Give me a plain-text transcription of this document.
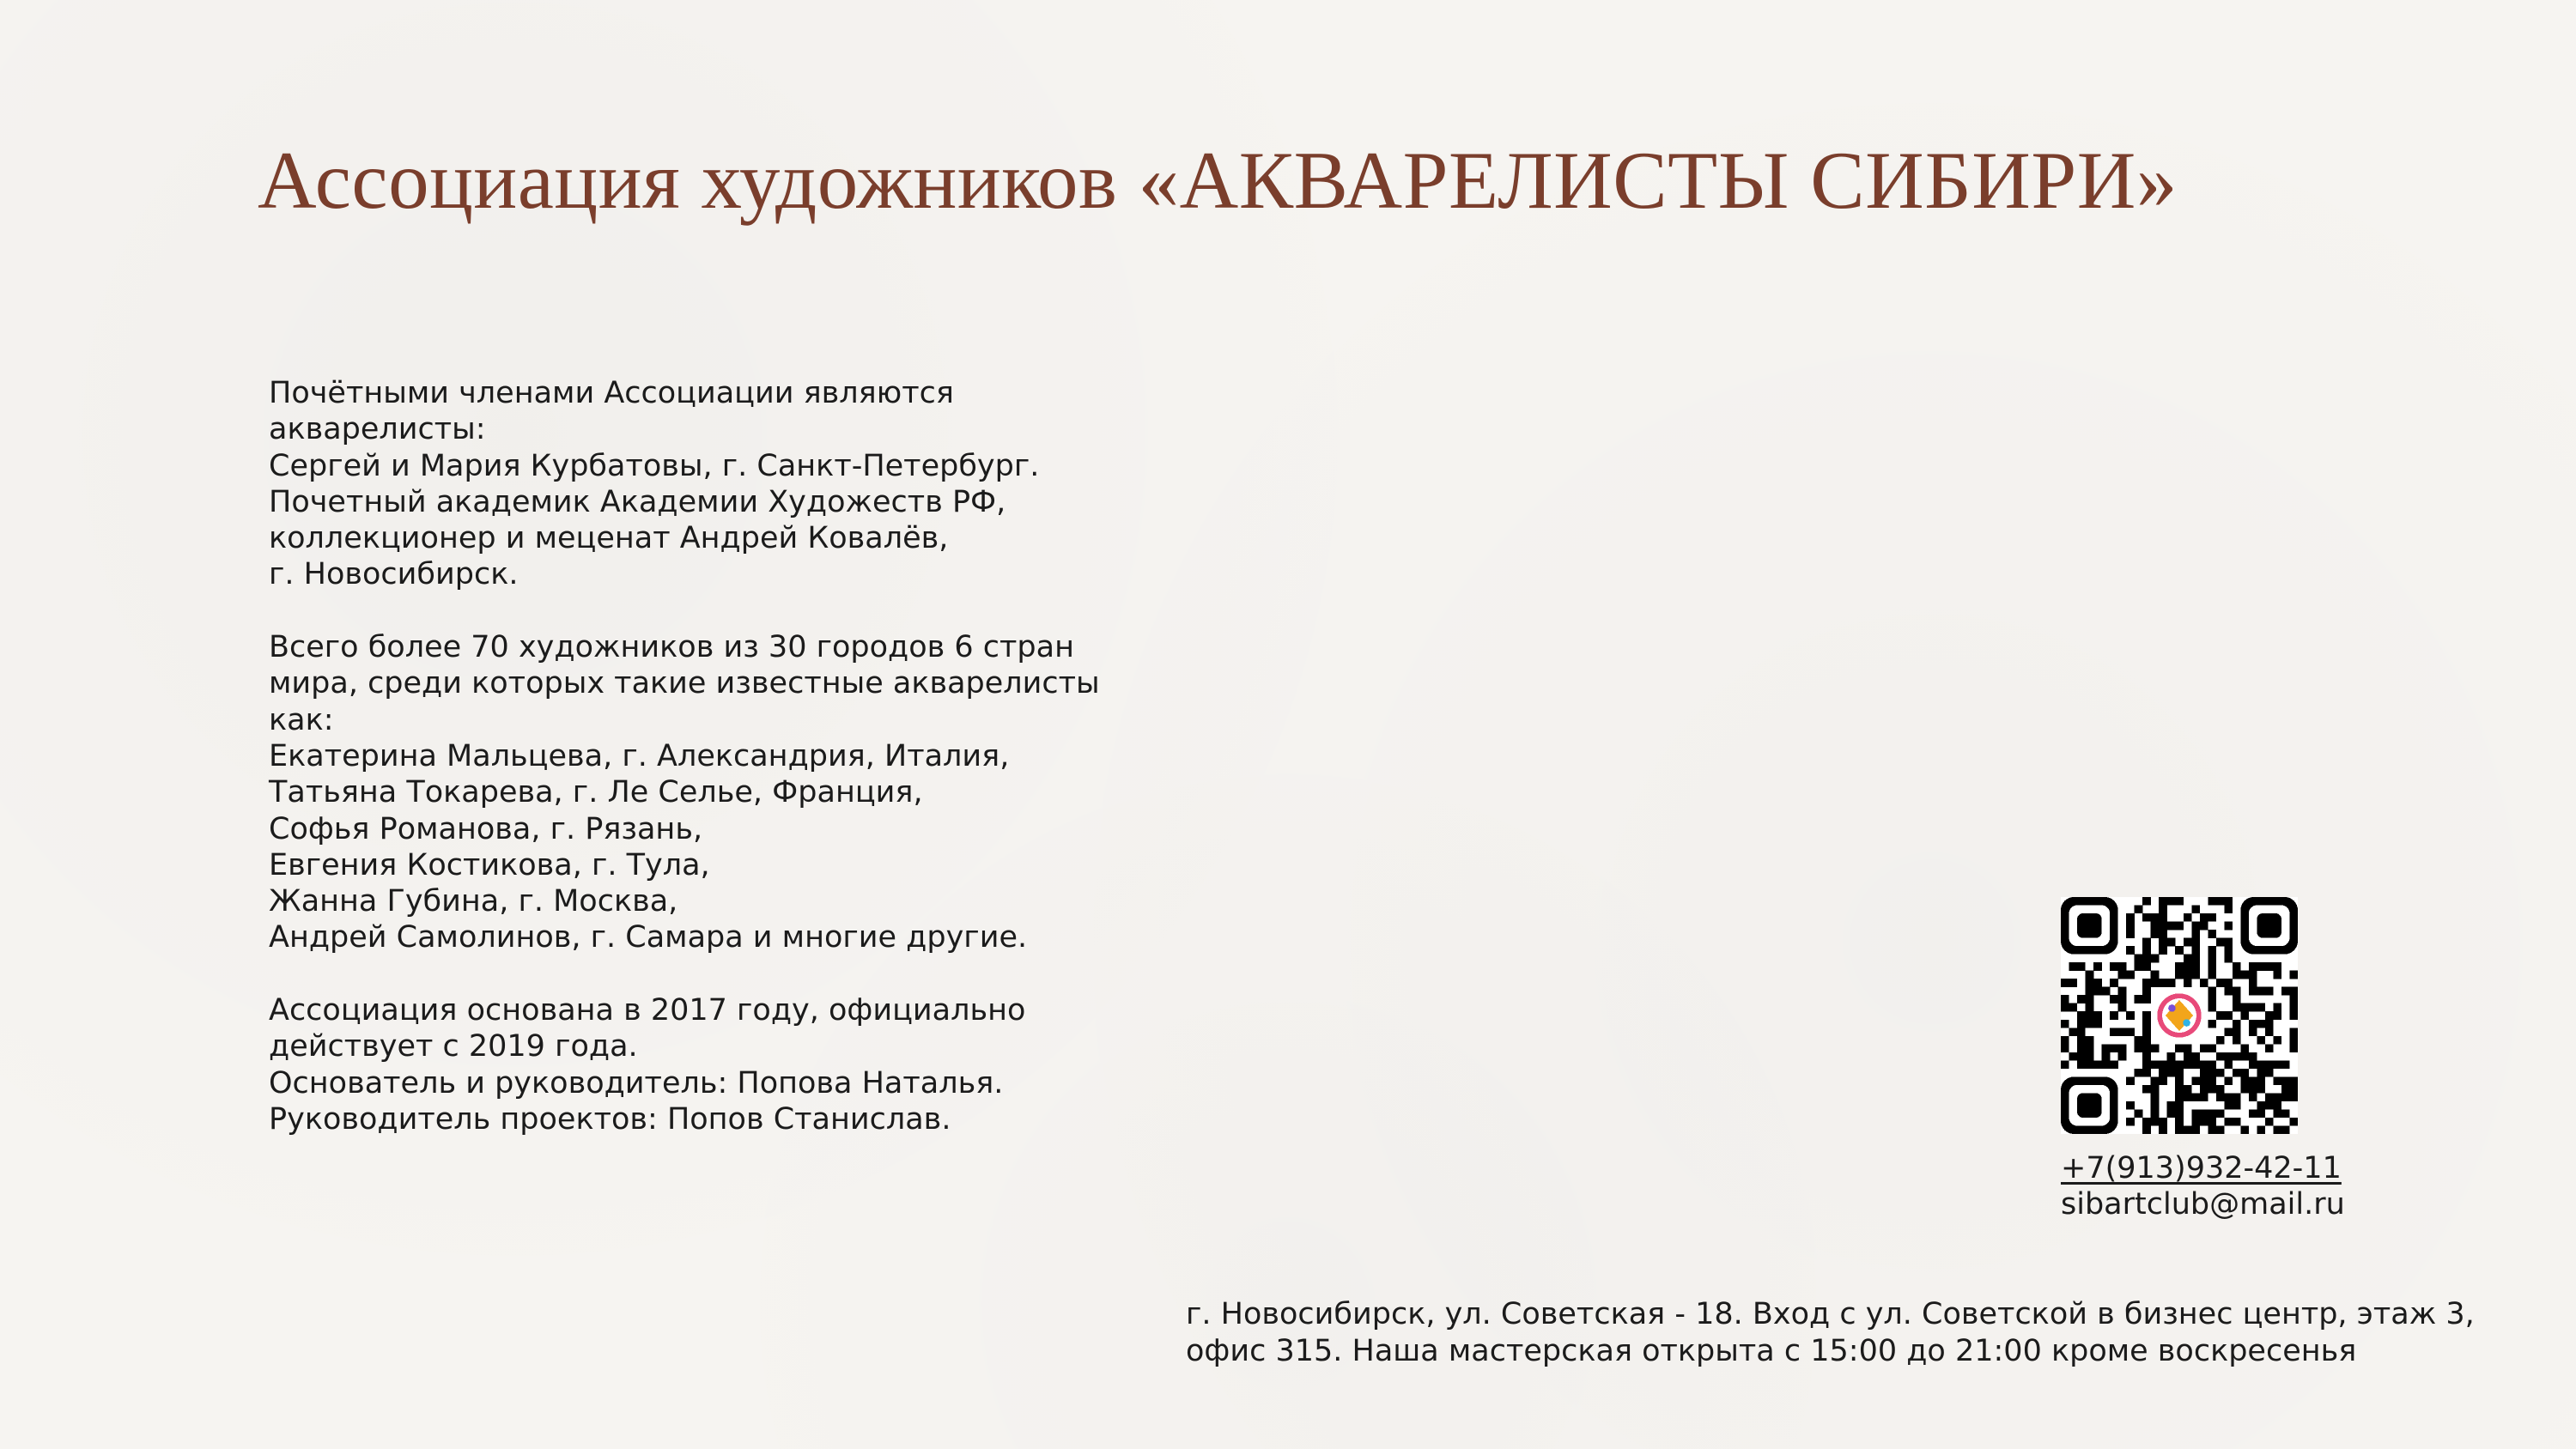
Ассоциация художников «АКВАРЕЛИСТЫ СИБИРИ»

Почётными членами Ассоциации являются
акварелисты:
Сергей и Мария Курбатовы, г. Санкт-Петербург.
Почетный академик Академии Художеств РФ,
коллекционер и меценат Андрей Ковалёв,
г. Новосибирск.

Всего более 70 художников из 30 городов 6 стран
мира, среди которых такие известные акварелисты
как:
Екатерина Мальцева, г. Александрия, Италия,
Татьяна Токарева, г. Ле Селье, Франция,
Софья Романова, г. Рязань,
Евгения Костикова, г. Тула,
Жанна Губина, г. Москва,
Андрей Самолинов, г. Самара и многие другие.

Ассоциация основана в 2017 году, официально
действует с 2019 года.
Основатель и руководитель: Попова Наталья.
Руководитель проектов: Попов Станислав.

+7(913)932-42-11
sibartclub@mail.ru
г. Новосибирск, ул. Советская - 18. Вход с ул. Советской в бизнес центр, этаж 3,
офис 315. Наша мастерская открыта с 15:00 до 21:00 кроме воскресенья
